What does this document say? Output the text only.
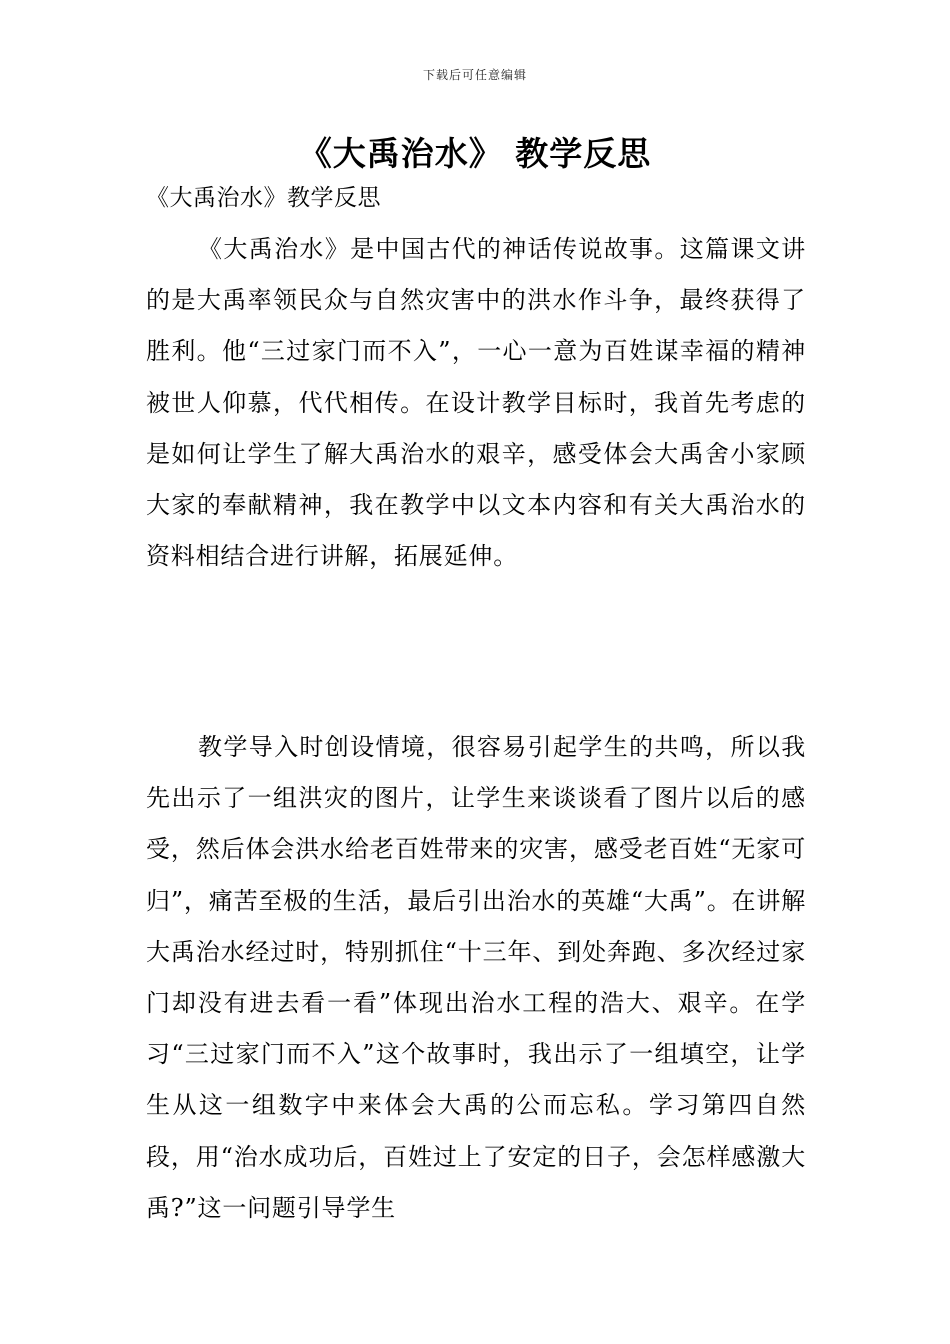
下载后可任意编辑
《大禹治水》 教学反思
《大禹治水》教学反思

《大禹治水》是中国古代的神话传说故事。这篇课文讲的是大禹率领民众与自然灾害中的洪水作斗争，最终获得了胜利。他“三过家门而不入”，一心一意为百姓谋幸福的精神被世人仰慕，代代相传。在设计教学目标时，我首先考虑的是如何让学生了解大禹治水的艰辛，感受体会大禹舍小家顾大家的奉献精神，我在教学中以文本内容和有关大禹治水的资料相结合进行讲解，拓展延伸。

教学导入时创设情境，很容易引起学生的共鸣，所以我先出示了一组洪灾的图片，让学生来谈谈看了图片以后的感受，然后体会洪水给老百姓带来的灾害，感受老百姓“无家可归”，痛苦至极的生活，最后引出治水的英雄“大禹”。在讲解大禹治水经过时，特别抓住“十三年、到处奔跑、多次经过家门却没有进去看一看”体现出治水工程的浩大、艰辛。在学习“三过家门而不入”这个故事时，我出示了一组填空，让学生从这一组数字中来体会大禹的公而忘私。学习第四自然段，用“治水成功后，百姓过上了安定的日子，会怎样感激大禹?”这一问题引导学生
